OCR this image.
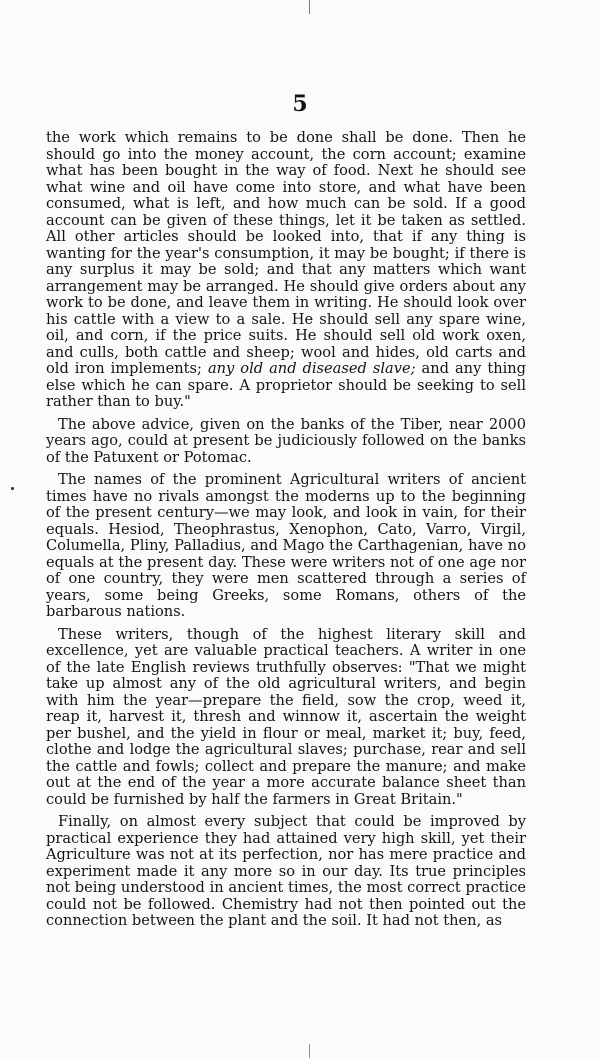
5

the work which remains to be done shall be done. Then he should go into the money account, the corn account; examine what has been bought in the way of food. Next he should see what wine and oil have come into store, and what have been consumed, what is left, and how much can be sold. If a good account can be given of these things, let it be taken as settled. All other articles should be looked into, that if any thing is wanting for the year's consumption, it may be bought; if there is any surplus it may be sold; and that any matters which want arrangement may be arranged. He should give orders about any work to be done, and leave them in writing. He should look over his cattle with a view to a sale. He should sell any spare wine, oil, and corn, if the price suits. He should sell old work oxen, and culls, both cattle and sheep; wool and hides, old carts and old iron implements; any old and diseased slave; and any thing else which he can spare. A proprietor should be seeking to sell rather than to buy."

The above advice, given on the banks of the Tiber, near 2000 years ago, could at present be judiciously followed on the banks of the Patuxent or Potomac.

The names of the prominent Agricultural writers of ancient times have no rivals amongst the moderns up to the beginning of the present century—we may look, and look in vain, for their equals. Hesiod, Theophrastus, Xenophon, Cato, Varro, Virgil, Columella, Pliny, Palladius, and Mago the Carthagenian, have no equals at the present day. These were writers not of one age nor of one country, they were men scattered through a series of years, some being Greeks, some Romans, others of the barbarous nations.

These writers, though of the highest literary skill and excellence, yet are valuable practical teachers. A writer in one of the late English reviews truthfully observes: "That we might take up almost any of the old agricultural writers, and begin with him the year—prepare the field, sow the crop, weed it, reap it, harvest it, thresh and winnow it, ascertain the weight per bushel, and the yield in flour or meal, market it; buy, feed, clothe and lodge the agricultural slaves; purchase, rear and sell the cattle and fowls; collect and prepare the manure; and make out at the end of the year a more accurate balance sheet than could be furnished by half the farmers in Great Britain."

Finally, on almost every subject that could be improved by practical experience they had attained very high skill, yet their Agriculture was not at its perfection, nor has mere practice and experiment made it any more so in our day. Its true principles not being understood in ancient times, the most correct practice could not be followed. Chemistry had not then pointed out the connection between the plant and the soil. It had not then, as
